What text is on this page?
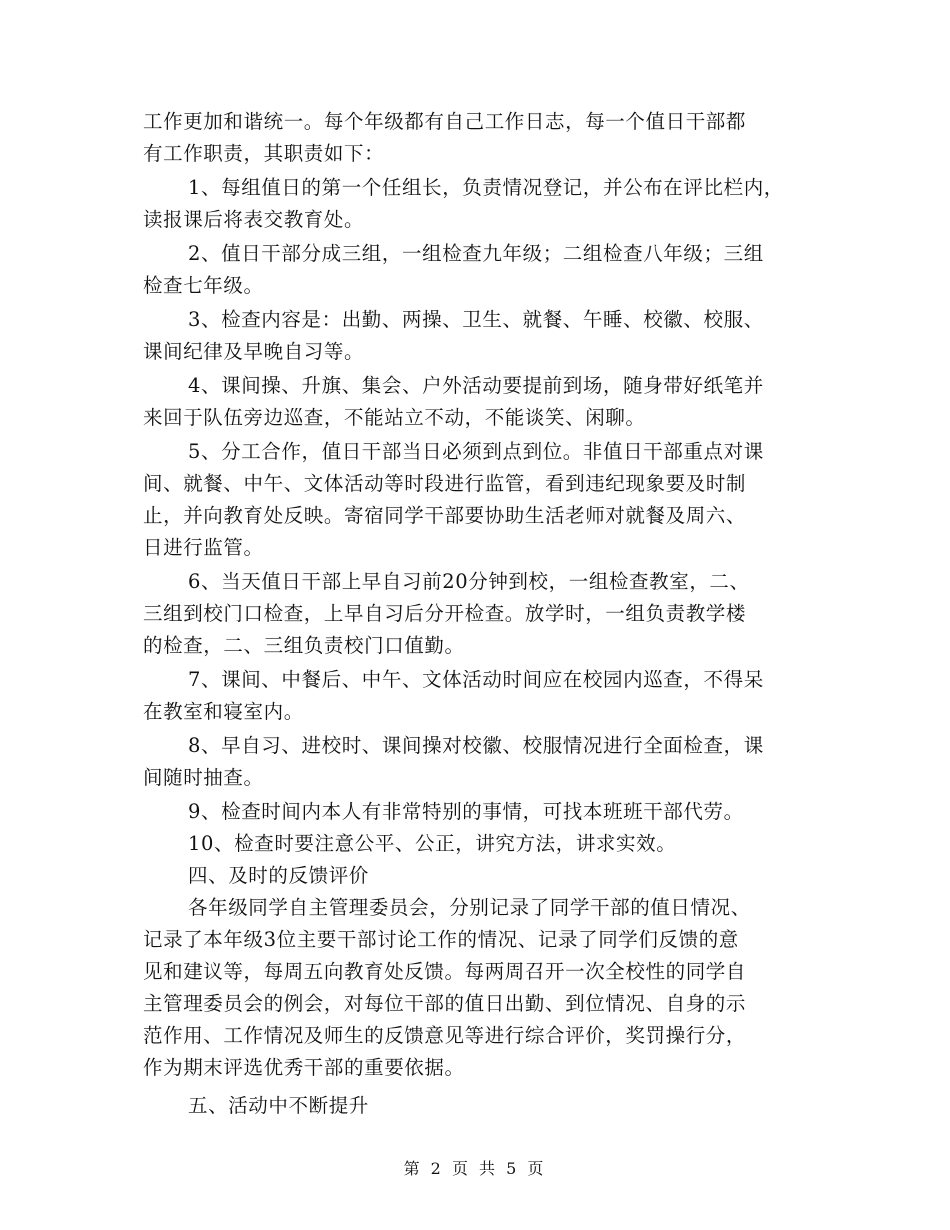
工作更加和谐统一。每个年级都有自己工作日志，每一个值日干部都
有工作职责，其职责如下：
1、每组值日的第一个任组长，负责情况登记，并公布在评比栏内，
读报课后将表交教育处。
2、值日干部分成三组，一组检查九年级；二组检查八年级；三组
检查七年级。
3、检查内容是：出勤、两操、卫生、就餐、午睡、校徽、校服、
课间纪律及早晚自习等。
4、课间操、升旗、集会、户外活动要提前到场，随身带好纸笔并
来回于队伍旁边巡查，不能站立不动，不能谈笑、闲聊。
5、分工合作，值日干部当日必须到点到位。非值日干部重点对课
间、就餐、中午、文体活动等时段进行监管，看到违纪现象要及时制
止，并向教育处反映。寄宿同学干部要协助生活老师对就餐及周六、
日进行监管。
6、当天值日干部上早自习前20分钟到校，一组检查教室，二、
三组到校门口检查，上早自习后分开检查。放学时，一组负责教学楼
的检查，二、三组负责校门口值勤。
7、课间、中餐后、中午、文体活动时间应在校园内巡查，不得呆
在教室和寝室内。
8、早自习、进校时、课间操对校徽、校服情况进行全面检查，课
间随时抽查。
9、检查时间内本人有非常特别的事情，可找本班班干部代劳。
10、检查时要注意公平、公正，讲究方法，讲求实效。
四、及时的反馈评价
各年级同学自主管理委员会，分别记录了同学干部的值日情况、
记录了本年级3位主要干部讨论工作的情况、记录了同学们反馈的意
见和建议等，每周五向教育处反馈。每两周召开一次全校性的同学自
主管理委员会的例会，对每位干部的值日出勤、到位情况、自身的示
范作用、工作情况及师生的反馈意见等进行综合评价，奖罚操行分，
作为期末评选优秀干部的重要依据。
五、活动中不断提升
第 2 页 共 5 页
